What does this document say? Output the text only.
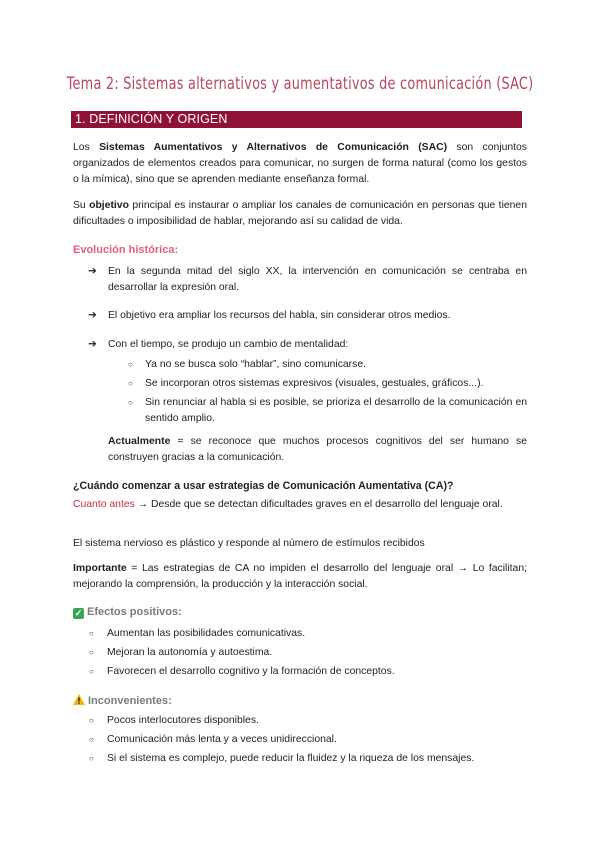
Tema 2: Sistemas alternativos y aumentativos de comunicación (SAC)
1. DEFINICIÓN Y ORIGEN

Los Sistemas Aumentativos y Alternativos de Comunicación (SAC) son conjuntos organizados de elementos creados para comunicar, no surgen de forma natural (como los gestos o la mímica), sino que se aprenden mediante enseñanza formal.

Su objetivo principal es instaurar o ampliar los canales de comunicación en personas que tienen dificultades o imposibilidad de hablar, mejorando así su calidad de vida.

Evolución histórica:
➔	En la segunda mitad del siglo XX, la intervención en comunicación se centraba en desarrollar la expresión oral.
➔	El objetivo era ampliar los recursos del habla, sin considerar otros medios.
➔	Con el tiempo, se produjo un cambio de mentalidad:
○	Ya no se busca solo “hablar”, sino comunicarse.
○	Se incorporan otros sistemas expresivos (visuales, gestuales, gráficos...).
○	Sin renunciar al habla si es posible, se prioriza el desarrollo de la comunicación en sentido amplio.

Actualmente = se reconoce que muchos procesos cognitivos del ser humano se construyen gracias a la comunicación.

¿Cuándo comenzar a usar estrategias de Comunicación Aumentativa (CA)?

Cuanto antes → Desde que se detectan dificultades graves en el desarrollo del lenguaje oral.

El sistema nervioso es plástico y responde al número de estímulos recibidos

Importante = Las estrategias de CA no impiden el desarrollo del lenguaje oral → Lo facilitan; mejorando la comprensión, la producción y la interacción social.

✓ Efectos positivos:
○	Aumentan las posibilidades comunicativas.
○	Mejoran la autonomía y autoestima.
○	Favorecen el desarrollo cognitivo y la formación de conceptos.
Inconvenientes:
○	Pocos interlocutores disponibles.
○	Comunicación más lenta y a veces unidireccional.
○	Si el sistema es complejo, puede reducir la fluidez y la riqueza de los mensajes.
